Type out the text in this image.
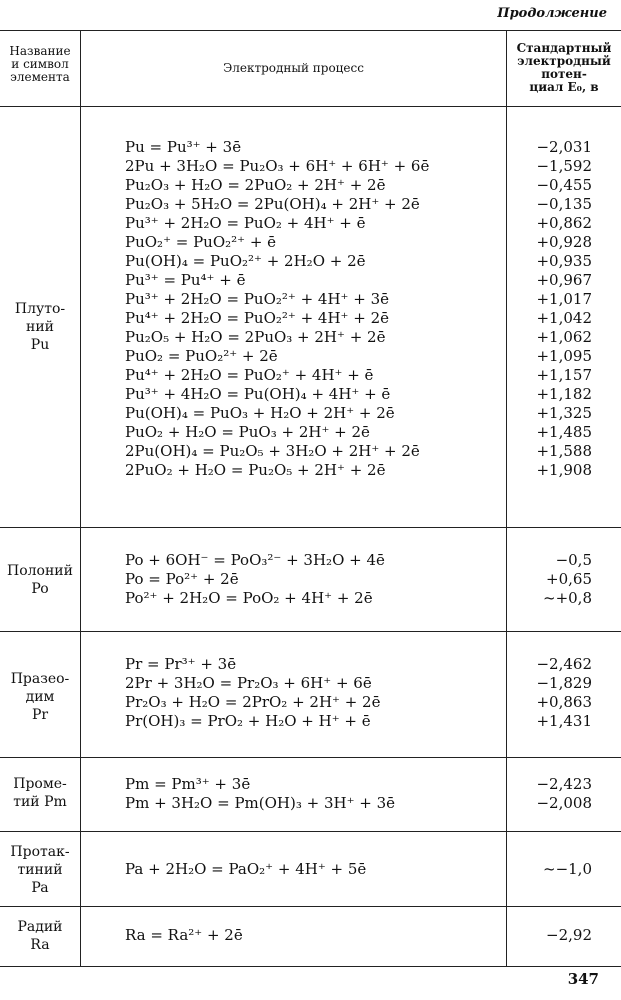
Продолжение
Название
и символ
элемента
Электродный процесс
Стандартный
электродный
потен-
циал E₀, в
Плуто-
ний
Pu
Pu = Pu³⁺ + 3ē
2Pu + 3H₂O = Pu₂O₃ + 6H⁺ + 6H⁺ + 6ē
Pu₂O₃ + H₂O = 2PuO₂ + 2H⁺ + 2ē
Pu₂O₃ + 5H₂O = 2Pu(OH)₄ + 2H⁺ + 2ē
Pu³⁺ + 2H₂O = PuO₂ + 4H⁺ + ē
PuO₂⁺ = PuO₂²⁺ + ē
Pu(OH)₄ = PuO₂²⁺ + 2H₂O + 2ē
Pu³⁺ = Pu⁴⁺ + ē
Pu³⁺ + 2H₂O = PuO₂²⁺ + 4H⁺ + 3ē
Pu⁴⁺ + 2H₂O = PuO₂²⁺ + 4H⁺ + 2ē
Pu₂O₅ + H₂O = 2PuO₃ + 2H⁺ + 2ē
PuO₂ = PuO₂²⁺ + 2ē
Pu⁴⁺ + 2H₂O = PuO₂⁺ + 4H⁺ + ē
Pu³⁺ + 4H₂O = Pu(OH)₄ + 4H⁺ + ē
Pu(OH)₄ = PuO₃ + H₂O + 2H⁺ + 2ē
PuO₂ + H₂O = PuO₃ + 2H⁺ + 2ē
2Pu(OH)₄ = Pu₂O₅ + 3H₂O + 2H⁺ + 2ē
2PuO₂ + H₂O = Pu₂O₅ + 2H⁺ + 2ē
−2,031
−1,592
−0,455
−0,135
+0,862
+0,928
+0,935
+0,967
+1,017
+1,042
+1,062
+1,095
+1,157
+1,182
+1,325
+1,485
+1,588
+1,908
Полоний
Po
Po + 6OH⁻ = PoO₃²⁻ + 3H₂O + 4ē
Po = Po²⁺ + 2ē
Po²⁺ + 2H₂O = PoO₂ + 4H⁺ + 2ē
−0,5
+0,65
~+0,8
Празео-
дим
Pr
Pr = Pr³⁺ + 3ē
2Pr + 3H₂O = Pr₂O₃ + 6H⁺ + 6ē
Pr₂O₃ + H₂O = 2PrO₂ + 2H⁺ + 2ē
Pr(OH)₃ = PrO₂ + H₂O + H⁺ + ē
−2,462
−1,829
+0,863
+1,431
Проме-
тий Pm
Pm = Pm³⁺ + 3ē
Pm + 3H₂O = Pm(OH)₃ + 3H⁺ + 3ē
−2,423
−2,008
Протак-
тиний
Pa
Pa + 2H₂O = PaO₂⁺ + 4H⁺ + 5ē	~−1,0
Радий
Ra
Ra = Ra²⁺ + 2ē	−2,92
347
